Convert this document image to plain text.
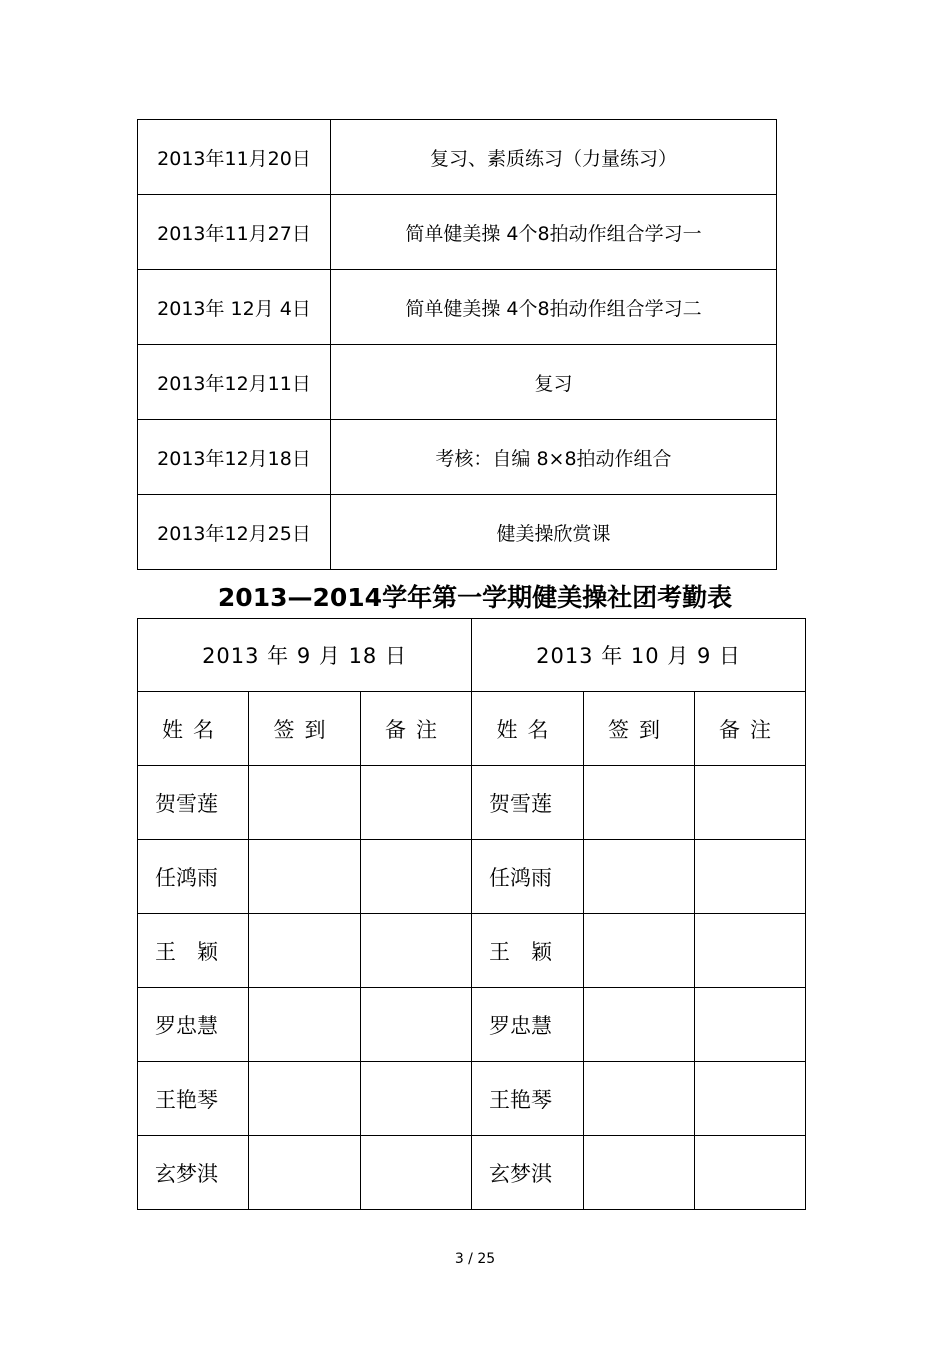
2013年11月20日	复习、素质练习（力量练习）
2013年11月27日	简单健美操 4个8拍动作组合学习一
2013年 12月 4日	简单健美操 4个8拍动作组合学习二
2013年12月11日	复习
2013年12月18日	考核：自编 8×8拍动作组合
2013年12月25日	健美操欣赏课
2013—2014学年第一学期健美操社团考勤表
2013 年 9 月 18 日			2013 年 10 月 9 日		
姓名	签到	备注	姓名	签到	备注
贺雪莲			贺雪莲		
任鸿雨			任鸿雨		
王　颖			王　颖		
罗忠慧			罗忠慧		
王艳琴			王艳琴		
玄梦淇			玄梦淇		
3 / 25
